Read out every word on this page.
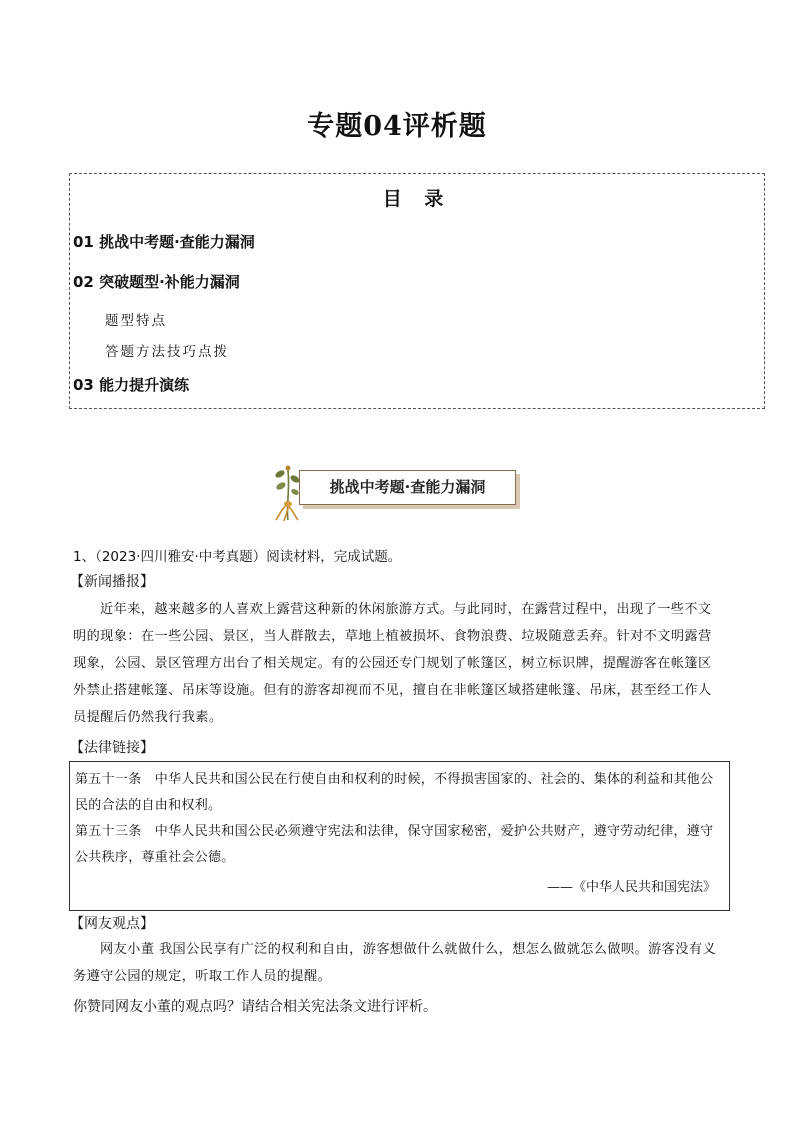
专题04评析题
目 录
01 挑战中考题·查能力漏洞
02 突破题型·补能力漏洞
题型特点
答题方法技巧点拨
03 能力提升演练
挑战中考题·查能力漏洞
1、（2023·四川雅安·中考真题）阅读材料，完成试题。
【新闻播报】
近年来，越来越多的人喜欢上露营这种新的休闲旅游方式。与此同时，在露营过程中，出现了一些不文明的现象：在一些公园、景区，当人群散去，草地上植被损坏、食物浪费、垃圾随意丢弃。针对不文明露营现象，公园、景区管理方出台了相关规定。有的公园还专门规划了帐篷区，树立标识牌，提醒游客在帐篷区外禁止搭建帐篷、吊床等设施。但有的游客却视而不见，擅自在非帐篷区域搭建帐篷、吊床，甚至经工作人员提醒后仍然我行我素。
【法律链接】
第五十一条　中华人民共和国公民在行使自由和权利的时候，不得损害国家的、社会的、集体的利益和其他公民的合法的自由和权利。
第五十三条　中华人民共和国公民必须遵守宪法和法律，保守国家秘密，爱护公共财产，遵守劳动纪律，遵守公共秩序，尊重社会公德。
——《中华人民共和国宪法》
【网友观点】
网友小董 我国公民享有广泛的权利和自由，游客想做什么就做什么，想怎么做就怎么做呗。游客没有义务遵守公园的规定，听取工作人员的提醒。
你赞同网友小董的观点吗？请结合相关宪法条文进行评析。
